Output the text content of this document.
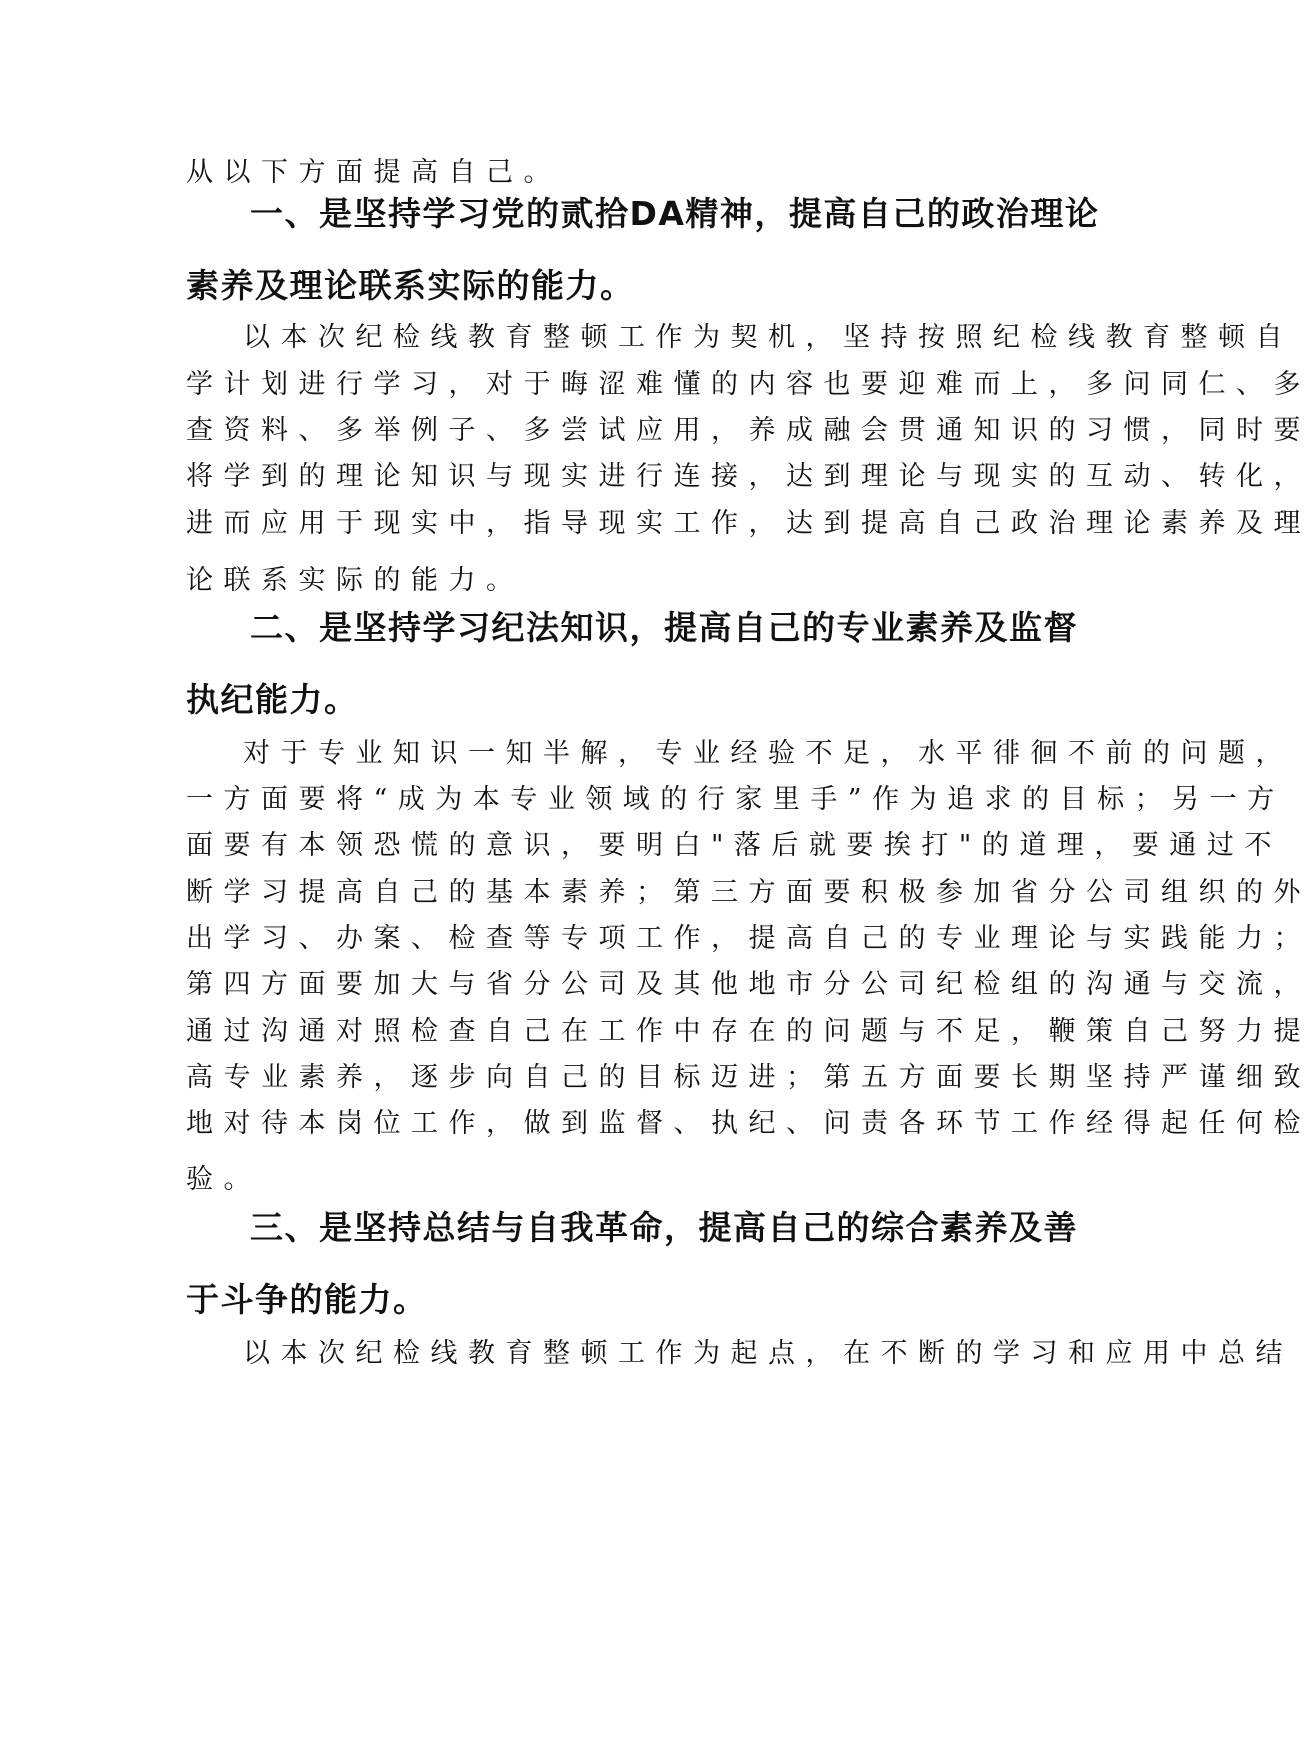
从以下方面提高自己。
一、是坚持学习党的贰拾DA精神，提高自己的政治理论
素养及理论联系实际的能力。
以本次纪检线教育整顿工作为契机，坚持按照纪检线教育整顿自
学计划进行学习，对于晦涩难懂的内容也要迎难而上，多问同仁、多
查资料、多举例子、多尝试应用，养成融会贯通知识的习惯，同时要
将学到的理论知识与现实进行连接，达到理论与现实的互动、转化，
进而应用于现实中，指导现实工作，达到提高自己政治理论素养及理
论联系实际的能力。
二、是坚持学习纪法知识，提高自己的专业素养及监督
执纪能力。
对于专业知识一知半解，专业经验不足，水平徘徊不前的问题，
一方面要将“成为本专业领域的行家里手”作为追求的目标；另一方
面要有本领恐慌的意识，要明白"落后就要挨打"的道理，要通过不
断学习提高自己的基本素养；第三方面要积极参加省分公司组织的外
出学习、办案、检查等专项工作，提高自己的专业理论与实践能力；
第四方面要加大与省分公司及其他地市分公司纪检组的沟通与交流，
通过沟通对照检查自己在工作中存在的问题与不足，鞭策自己努力提
高专业素养，逐步向自己的目标迈进；第五方面要长期坚持严谨细致
地对待本岗位工作，做到监督、执纪、问责各环节工作经得起任何检
验。
三、是坚持总结与自我革命，提高自己的综合素养及善
于斗争的能力。
以本次纪检线教育整顿工作为起点，在不断的学习和应用中总结
